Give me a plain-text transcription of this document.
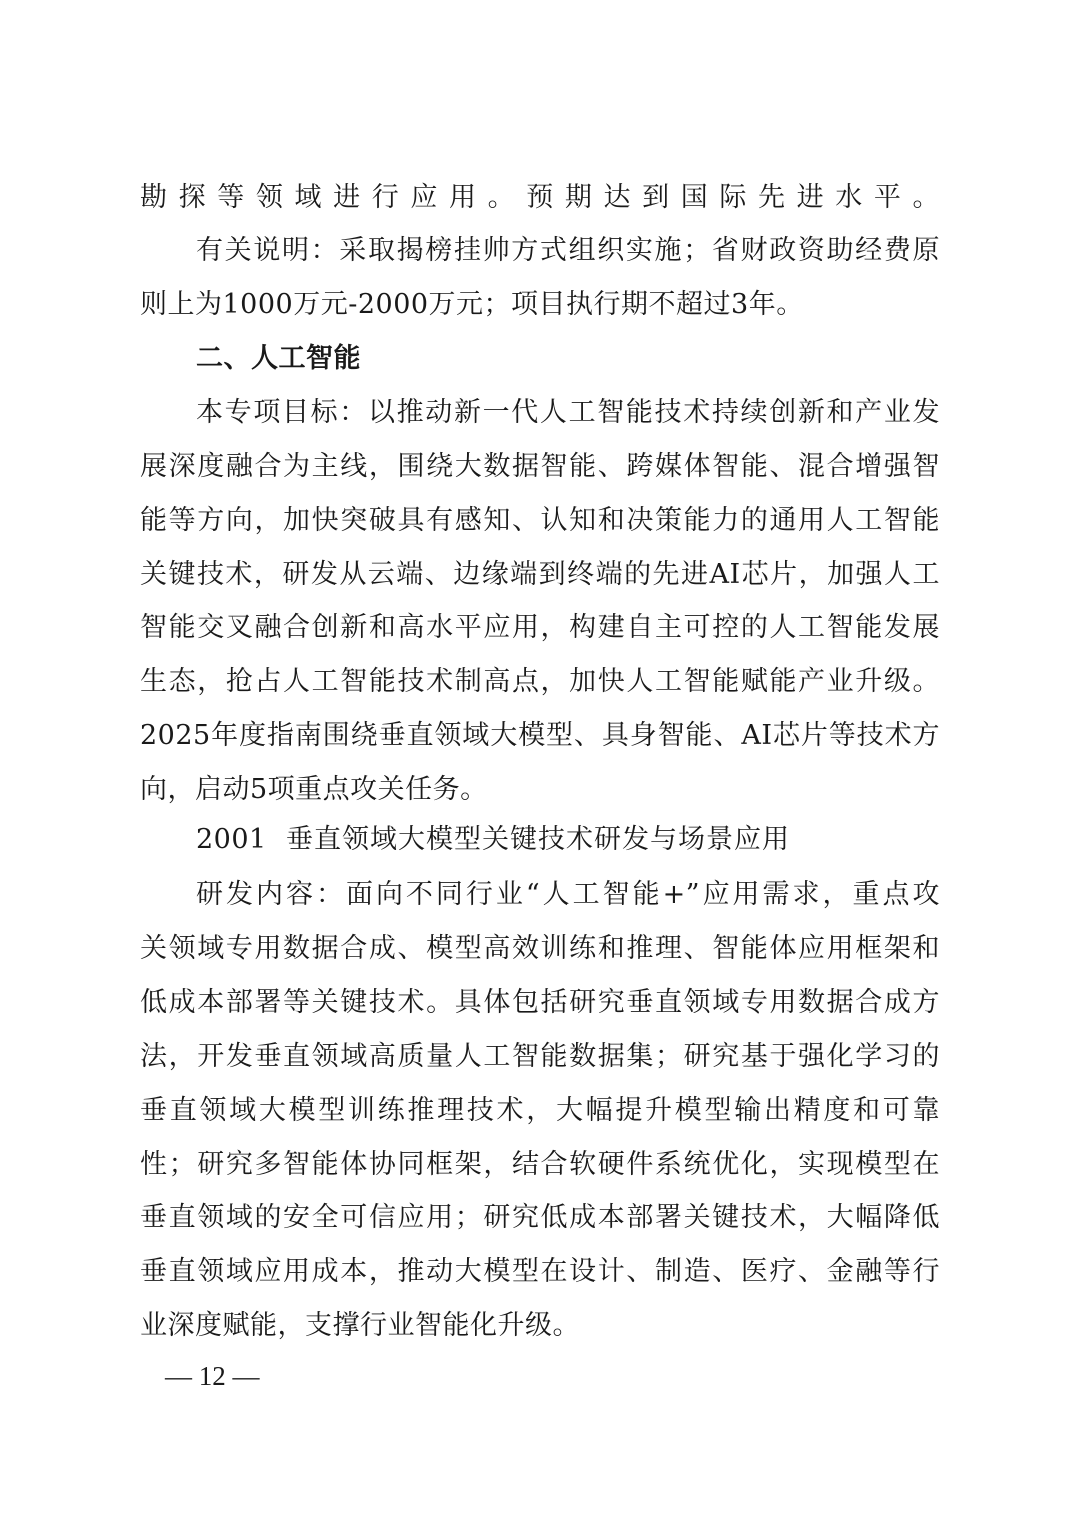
勘探等领域进行应用。预期达到国际先进水平。
有关说明：采取揭榜挂帅方式组织实施；省财政资助经费原
则上为1000万元-2000万元；项目执行期不超过3年。
二、人工智能
本专项目标：以推动新一代人工智能技术持续创新和产业发
展深度融合为主线，围绕大数据智能、跨媒体智能、混合增强智
能等方向，加快突破具有感知、认知和决策能力的通用人工智能
关键技术，研发从云端、边缘端到终端的先进AI芯片，加强人工
智能交叉融合创新和高水平应用，构建自主可控的人工智能发展
生态，抢占人工智能技术制高点，加快人工智能赋能产业升级。
2025年度指南围绕垂直领域大模型、具身智能、AI芯片等技术方
向，启动5项重点攻关任务。
2001 垂直领域大模型关键技术研发与场景应用
研发内容：面向不同行业“人工智能+”应用需求，重点攻
关领域专用数据合成、模型高效训练和推理、智能体应用框架和
低成本部署等关键技术。具体包括研究垂直领域专用数据合成方
法，开发垂直领域高质量人工智能数据集；研究基于强化学习的
垂直领域大模型训练推理技术，大幅提升模型输出精度和可靠
性；研究多智能体协同框架，结合软硬件系统优化，实现模型在
垂直领域的安全可信应用；研究低成本部署关键技术，大幅降低
垂直领域应用成本，推动大模型在设计、制造、医疗、金融等行
业深度赋能，支撑行业智能化升级。
— 12 —
